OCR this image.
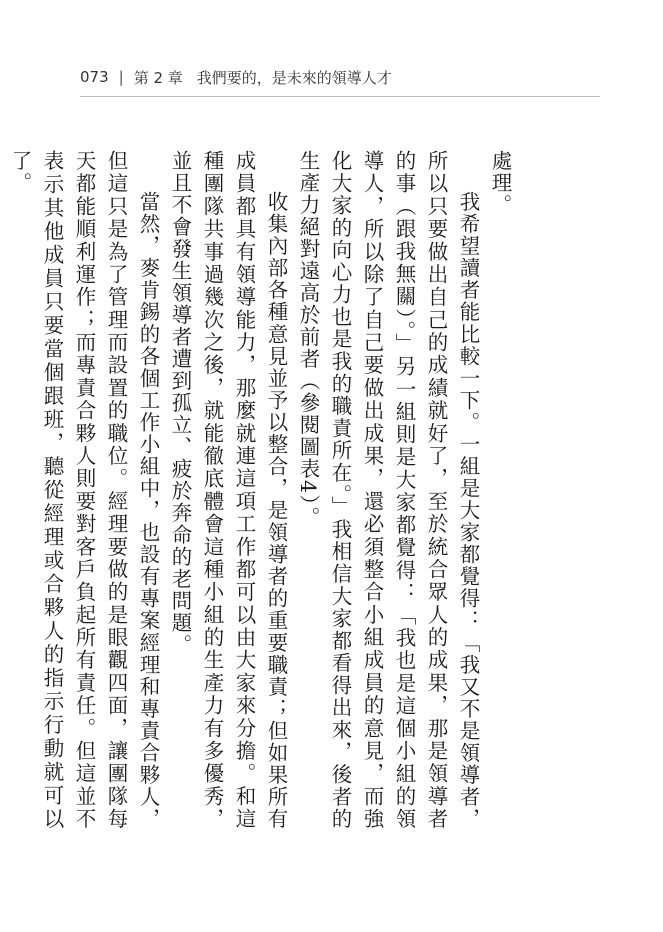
073 | 第 2 章 我們要的，是未來的領導人才

處理。

我希望讀者能比較一下。一組是大家都覺得：「我又不是領導者，所以只要做出自己的成績就好了，至於統合眾人的成果，那是領導者的事（跟我無關）。」另一組則是大家都覺得：「我也是這個小組的領導人，所以除了自己要做出成果，還必須整合小組成員的意見，而強化大家的向心力也是我的職責所在。」我相信大家都看得出來，後者的生產力絕對遠高於前者（參閱圖表4）。

收集內部各種意見並予以整合，是領導者的重要職責；但如果所有成員都具有領導能力，那麼就連這項工作都可以由大家來分擔。和這種團隊共事過幾次之後，就能徹底體會這種小組的生產力有多優秀，並且不會發生領導者遭到孤立、疲於奔命的老問題。

當然，麥肯錫的各個工作小組中，也設有專案經理和專責合夥人，但這只是為了管理而設置的職位。經理要做的是眼觀四面，讓團隊每天都能順利運作；而專責合夥人則要對客戶負起所有責任。但這並不表示其他成員只要當個跟班，聽從經理或合夥人的指示行動就可以了。
